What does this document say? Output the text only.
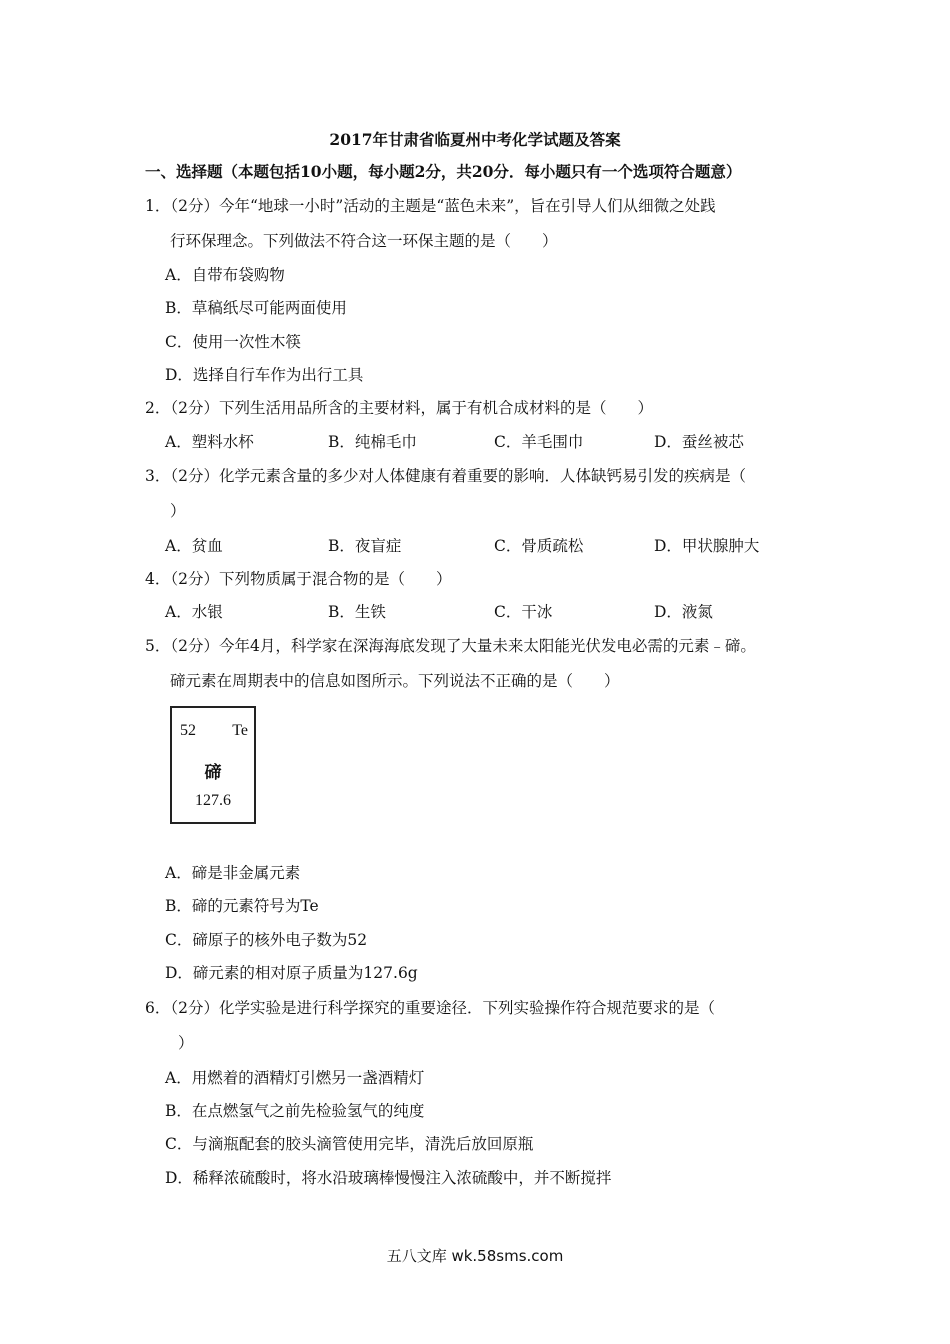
2017年甘肃省临夏州中考化学试题及答案
一、选择题（本题包括10小题，每小题2分，共20分．每小题只有一个选项符合题意）
1．（2分）今年“地球一小时”活动的主题是“蓝色未来”，旨在引导人们从细微之处践
行环保理念。下列做法不符合这一环保主题的是（　　）
A．自带布袋购物
B．草稿纸尽可能两面使用
C．使用一次性木筷
D．选择自行车作为出行工具
2．（2分）下列生活用品所含的主要材料，属于有机合成材料的是（　　）
A．塑料水杯	B．纯棉毛巾	C．羊毛围巾	D．蚕丝被芯
3．（2分）化学元素含量的多少对人体健康有着重要的影响．人体缺钙易引发的疾病是（
）
A．贫血	B．夜盲症	C．骨质疏松	D．甲状腺肿大
4．（2分）下列物质属于混合物的是（　　）
A．水银	B．生铁	C．干冰	D．液氮
5．（2分）今年4月，科学家在深海海底发现了大量未来太阳能光伏发电必需的元素﹣碲。
碲元素在周期表中的信息如图所示。下列说法不正确的是（　　）
52 Te
碲
127.6
A．碲是非金属元素
B．碲的元素符号为Te
C．碲原子的核外电子数为52
D．碲元素的相对原子质量为127.6g
6．（2分）化学实验是进行科学探究的重要途径．下列实验操作符合规范要求的是（
）
A．用燃着的酒精灯引燃另一盏酒精灯
B．在点燃氢气之前先检验氢气的纯度
C．与滴瓶配套的胶头滴管使用完毕，清洗后放回原瓶
D．稀释浓硫酸时，将水沿玻璃棒慢慢注入浓硫酸中，并不断搅拌
五八文库 wk.58sms.com
